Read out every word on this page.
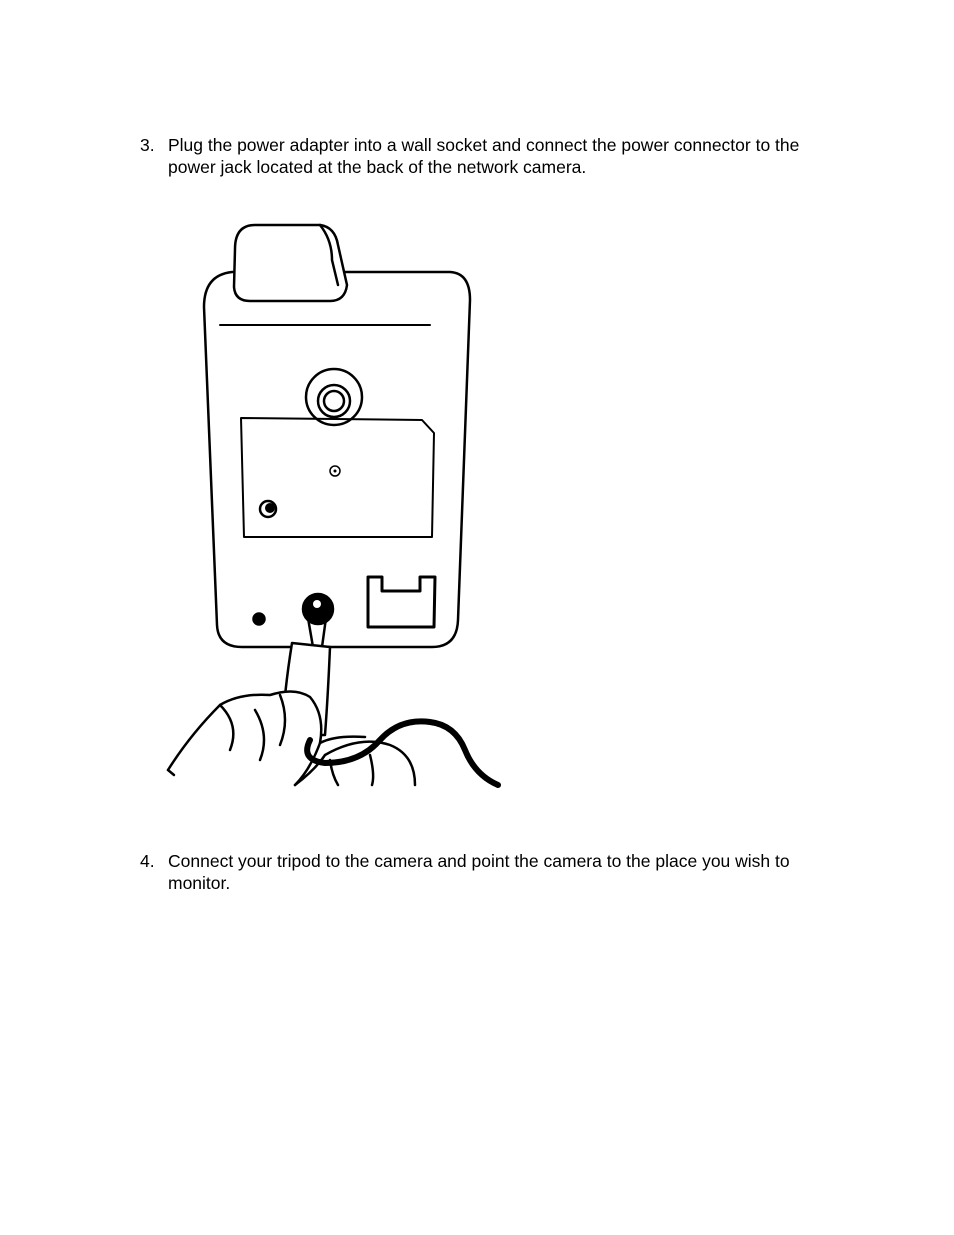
3. Plug the power adapter into a wall socket and connect the power connector to the power jack located at the back of the network camera.
4. Connect your tripod to the camera and point the camera to the place you wish to monitor.
